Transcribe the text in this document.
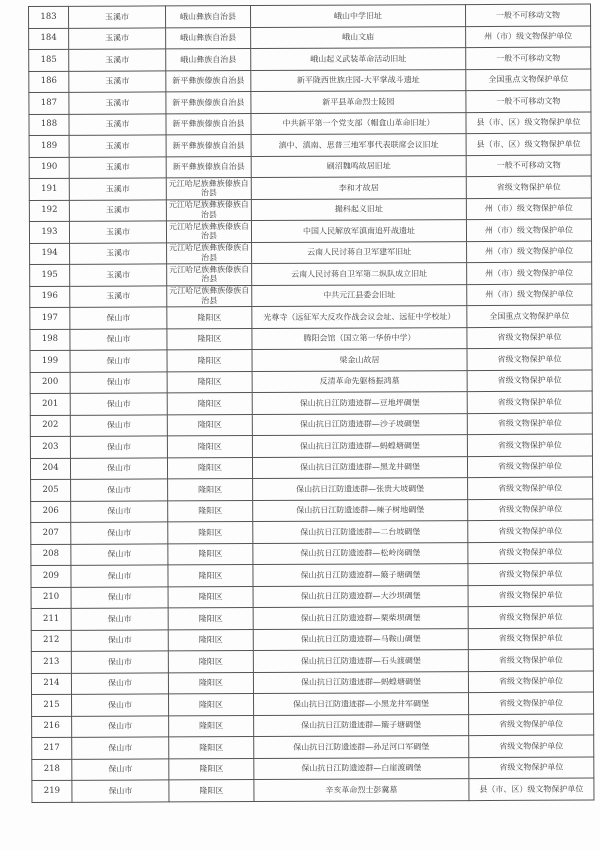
183	玉溪市	峨山彝族自治县	峨山中学旧址	一般不可移动文物
184	玉溪市	峨山彝族自治县	峨山文庙	州（市）级文物保护单位
185	玉溪市	峨山彝族自治县	峨山起义武装革命活动旧址	一般不可移动文物
186	玉溪市	新平彝族傣族自治县	新平陇西世族庄园-大平掌战斗遗址	全国重点文物保护单位
187	玉溪市	新平彝族傣族自治县	新平县革命烈士陵园	一般不可移动文物
188	玉溪市	新平彝族傣族自治县	中共新平第一个党支部（帽盒山革命旧址）	县（市、区）级文物保护单位
189	玉溪市	新平彝族傣族自治县	滇中、滇南、思普三地军事代表联席会议旧址	县（市、区）级文物保护单位
190	玉溪市	新平彝族傣族自治县	刷沼魏鸣故居旧址	一般不可移动文物
191	玉溪市	元江哈尼族彝族傣族自治县	李和才故居	省级文物保护单位
192	玉溪市	元江哈尼族彝族傣族自治县	撮科起义旧址	州（市）级文物保护单位
193	玉溪市	元江哈尼族彝族傣族自治县	中国人民解放军滇南追歼战遗址	州（市）级文物保护单位
194	玉溪市	元江哈尼族彝族傣族自治县	云南人民讨蒋自卫军建军旧址	州（市）级文物保护单位
195	玉溪市	元江哈尼族彝族傣族自治县	云南人民讨蒋自卫军第二纵队成立旧址	州（市）级文物保护单位
196	玉溪市	元江哈尼族彝族傣族自治县	中共元江县委会旧址	州（市）级文物保护单位
197	保山市	隆阳区	光尊寺（远征军大反攻作战会议会址、远征中学校址）	全国重点文物保护单位
198	保山市	隆阳区	腾阳会馆（国立第一华侨中学）	省级文物保护单位
199	保山市	隆阳区	梁金山故居	省级文物保护单位
200	保山市	隆阳区	反清革命先躯杨振鸿墓	省级文物保护单位
201	保山市	隆阳区	保山抗日江防遗迹群—豆地坪碉堡	省级文物保护单位
202	保山市	隆阳区	保山抗日江防遗迹群—沙子坡碉堡	省级文物保护单位
203	保山市	隆阳区	保山抗日江防遗迹群—蚂蝗塘碉堡	省级文物保护单位
204	保山市	隆阳区	保山抗日江防遗迹群—黑龙井碉堡	省级文物保护单位
205	保山市	隆阳区	保山抗日江防遗迹群—张贵大坡碉堡	省级文物保护单位
206	保山市	隆阳区	保山抗日江防遗迹群—辣子树地碉堡	省级文物保护单位
207	保山市	隆阳区	保山抗日江防遗迹群—二台坡碉堡	省级文物保护单位
208	保山市	隆阳区	保山抗日江防遗迹群—松岭岗碉堡	省级文物保护单位
209	保山市	隆阳区	保山抗日江防遗迹群—簸子塘碉堡	省级文物保护单位
210	保山市	隆阳区	保山抗日江防遗迹群—大沙坝碉堡	省级文物保护单位
211	保山市	隆阳区	保山抗日江防遗迹群—栗柴坝碉堡	省级文物保护单位
212	保山市	隆阳区	保山抗日江防遗迹群—马鞍山碉堡	省级文物保护单位
213	保山市	隆阳区	保山抗日江防遗迹群—石头渡碉堡	省级文物保护单位
214	保山市	隆阳区	保山抗日江防遗迹群—蚂蝗塘碉堡	省级文物保护单位
215	保山市	隆阳区	保山抗日江防遗迹群—小黑龙井军碉堡	省级文物保护单位
216	保山市	隆阳区	保山抗日江防遗迹群—簸子塘碉堡	省级文物保护单位
217	保山市	隆阳区	保山抗日江防遗迹群—孙足河口军碉堡	省级文物保护单位
218	保山市	隆阳区	保山抗日江防遗迹群—白崖渡碉堡	省级文物保护单位
219	保山市	隆阳区	辛亥革命烈士彭冀墓	县（市、区）级文物保护单位
